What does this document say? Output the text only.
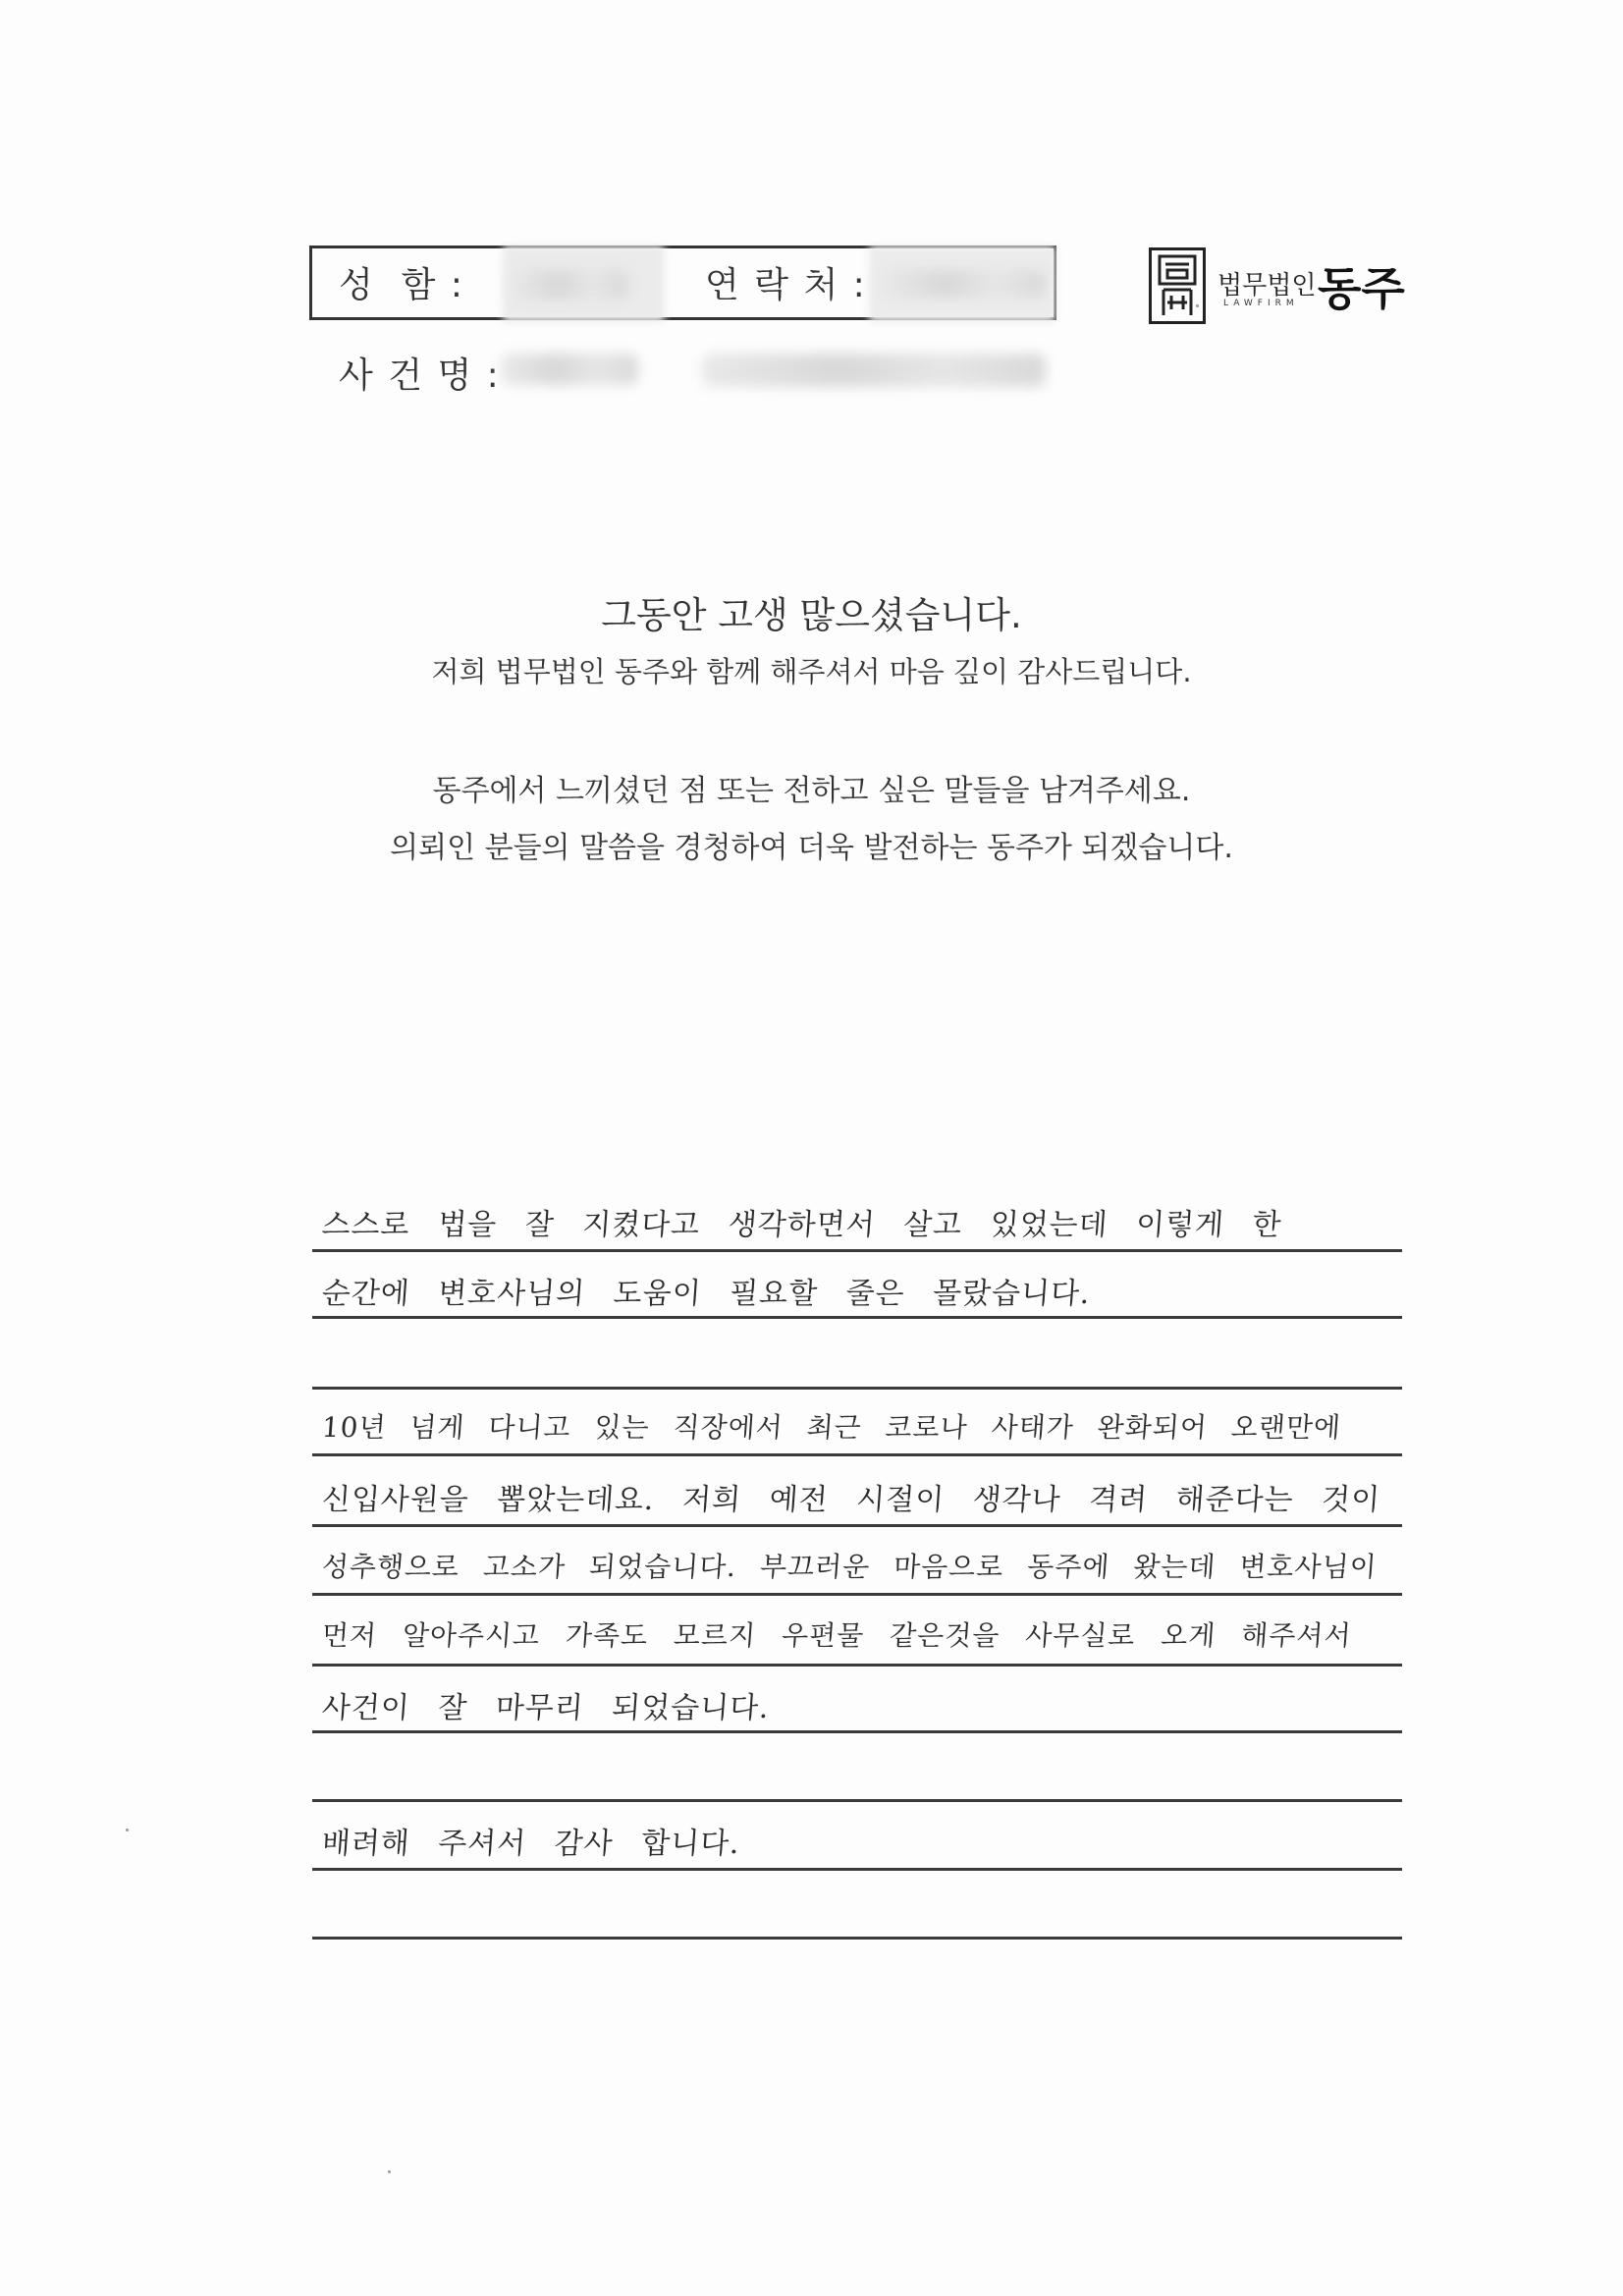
성  함 :	연 락 처 :
사 건 명 :
법무법인
LAWFIRM 동주
그동안 고생 많으셨습니다.
저희 법무법인 동주와 함께 해주셔서 마음 깊이 감사드립니다.
동주에서 느끼셨던 점 또는 전하고 싶은 말들을 남겨주세요.
의뢰인 분들의 말씀을 경청하여 더욱 발전하는 동주가 되겠습니다.
스스로 법을 잘 지켰다고 생각하면서 살고 있었는데 이렇게 한
순간에 변호사님의 도움이 필요할 줄은 몰랐습니다.
10년 넘게 다니고 있는 직장에서 최근 코로나 사태가 완화되어 오랜만에
신입사원을 뽑았는데요. 저희 예전 시절이 생각나 격려 해준다는 것이
성추행으로 고소가 되었습니다. 부끄러운 마음으로 동주에 왔는데 변호사님이
먼저 알아주시고 가족도 모르지 우편물 같은것을 사무실로 오게 해주셔서
사건이 잘 마무리 되었습니다.
배려해 주셔서 감사 합니다.
